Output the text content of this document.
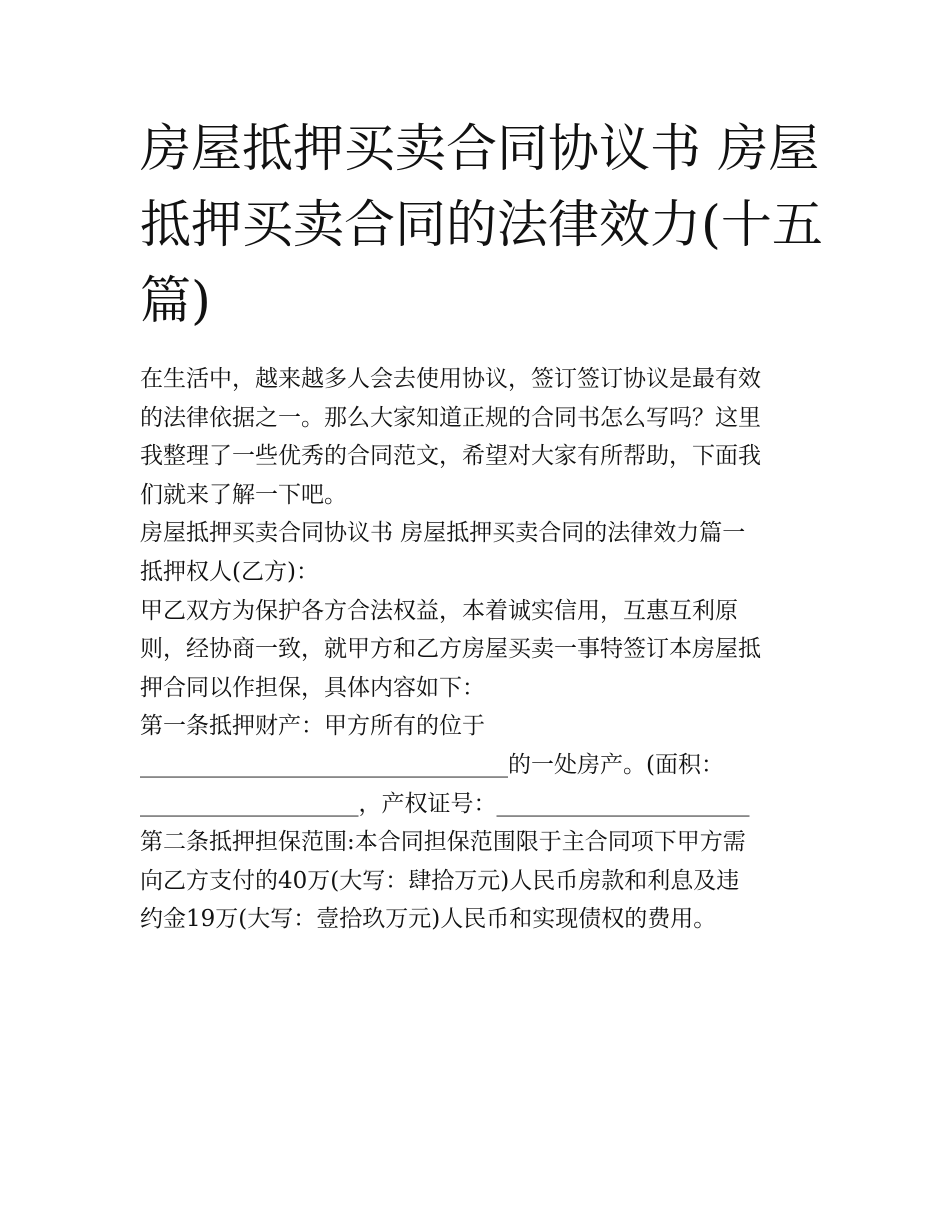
房屋抵押买卖合同协议书 房屋
抵押买卖合同的法律效力(十五
篇)
在生活中，越来越多人会去使用协议，签订签订协议是最有效
的法律依据之一。那么大家知道正规的合同书怎么写吗？这里
我整理了一些优秀的合同范文，希望对大家有所帮助，下面我
们就来了解一下吧。
房屋抵押买卖合同协议书 房屋抵押买卖合同的法律效力篇一
抵押权人(乙方)：
甲乙双方为保护各方合法权益，本着诚实信用，互惠互利原
则，经协商一致，就甲方和乙方房屋买卖一事特签订本房屋抵
押合同以作担保，具体内容如下：
第一条抵押财产：甲方所有的位于
________________________________的一处房产。(面积：
___________________，产权证号：______________________
第二条抵押担保范围:本合同担保范围限于主合同项下甲方需
向乙方支付的40万(大写：肆拾万元)人民币房款和利息及违
约金19万(大写：壹拾玖万元)人民币和实现债权的费用。
